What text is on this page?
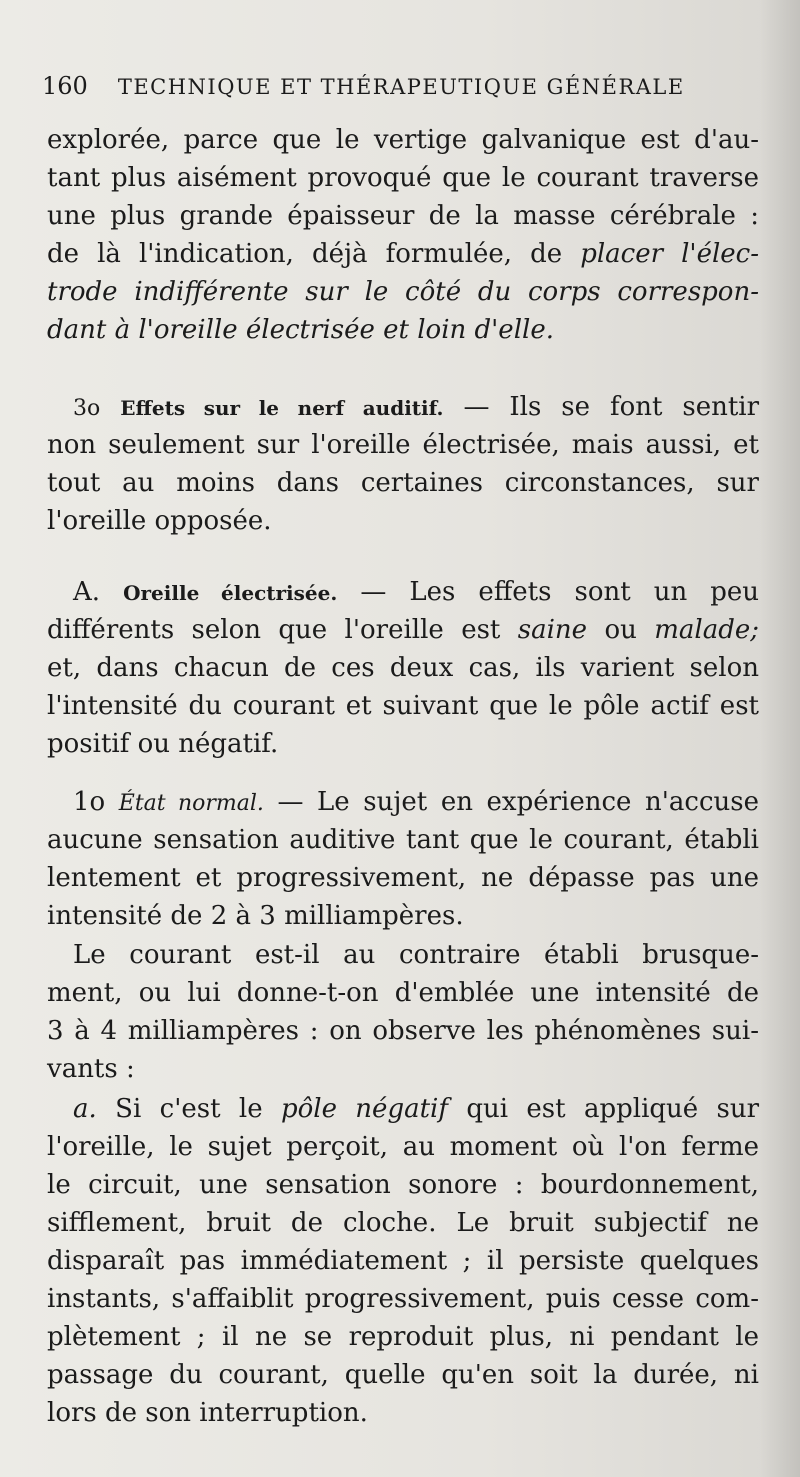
160 TECHNIQUE ET THÉRAPEUTIQUE GÉNÉRALE
explorée, parce que le vertige galvanique est d'au-
tant plus aisément provoqué que le courant traverse
une plus grande épaisseur de la masse cérébrale :
de là l'indication, déjà formulée, de placer l'élec-
trode indifférente sur le côté du corps correspon-
dant à l'oreille électrisée et loin d'elle.
3o Effets sur le nerf auditif. — Ils se font sentir
non seulement sur l'oreille électrisée, mais aussi, et
tout au moins dans certaines circonstances, sur
l'oreille opposée.
A. Oreille électrisée. — Les effets sont un peu
différents selon que l'oreille est saine ou malade;
et, dans chacun de ces deux cas, ils varient selon
l'intensité du courant et suivant que le pôle actif est
positif ou négatif.
1o État normal. — Le sujet en expérience n'accuse
aucune sensation auditive tant que le courant, établi
lentement et progressivement, ne dépasse pas une
intensité de 2 à 3 milliampères.
Le courant est-il au contraire établi brusque-
ment, ou lui donne-t-on d'emblée une intensité de
3 à 4 milliampères : on observe les phénomènes sui-
vants :
a. Si c'est le pôle négatif qui est appliqué sur
l'oreille, le sujet perçoit, au moment où l'on ferme
le circuit, une sensation sonore : bourdonnement,
sifflement, bruit de cloche. Le bruit subjectif ne
disparaît pas immédiatement ; il persiste quelques
instants, s'affaiblit progressivement, puis cesse com-
plètement ; il ne se reproduit plus, ni pendant le
passage du courant, quelle qu'en soit la durée, ni
lors de son interruption.
